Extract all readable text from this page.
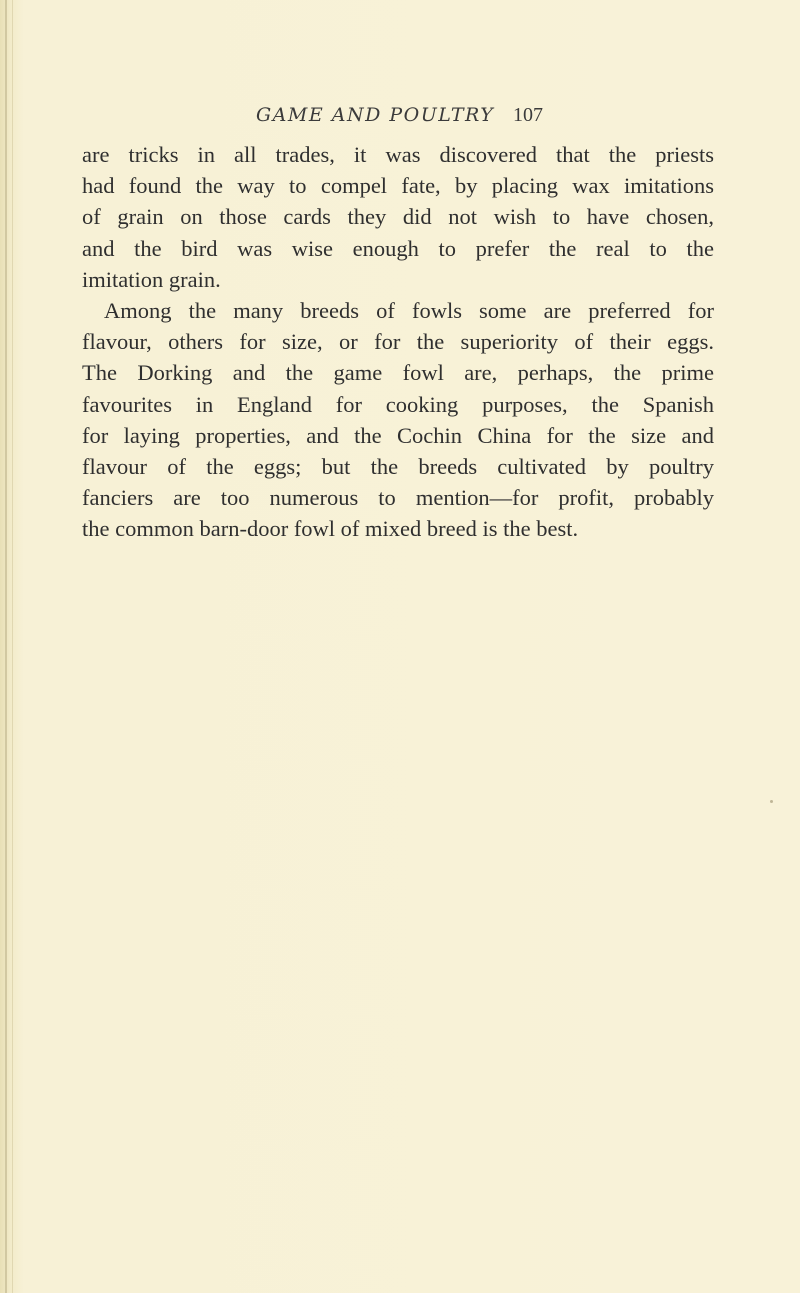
GAME AND POULTRY 107
are tricks in all trades, it was discovered that the priests
had found the way to compel fate, by placing wax imitations
of grain on those cards they did not wish to have chosen,
and the bird was wise enough to prefer the real to the
imitation grain.
Among the many breeds of fowls some are preferred for
flavour, others for size, or for the superiority of their eggs.
The Dorking and the game fowl are, perhaps, the prime
favourites in England for cooking purposes, the Spanish
for laying properties, and the Cochin China for the size and
flavour of the eggs; but the breeds cultivated by poultry
fanciers are too numerous to mention—for profit, probably
the common barn-door fowl of mixed breed is the best.
